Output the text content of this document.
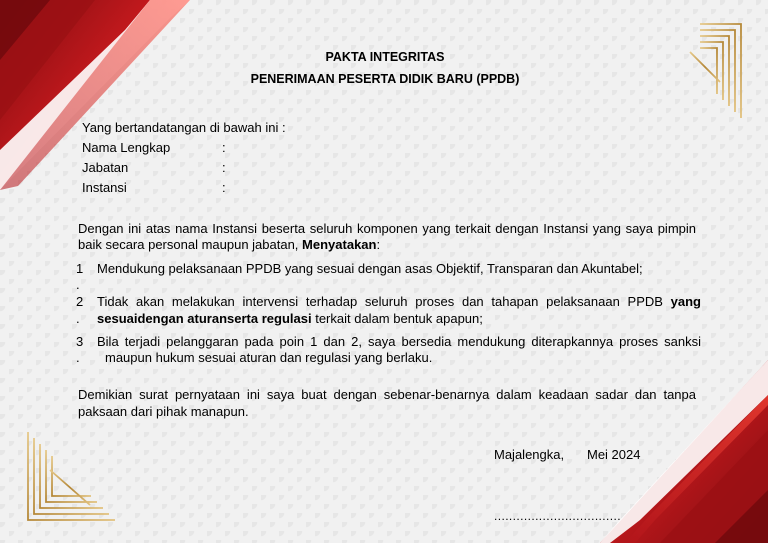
PAKTA INTEGRITAS
PENERIMAAN PESERTA DIDIK BARU (PPDB)
Yang bertandatangan di bawah ini :
Nama Lengkap	:
Jabatan	:
Instansi	:
Dengan ini atas nama Instansi beserta seluruh komponen yang terkait dengan Instansi yang saya pimpin
baik secara personal maupun jabatan, Menyatakan:
1
.
Mendukung pelaksanaan PPDB yang sesuai dengan asas Objektif, Transparan dan Akuntabel;
2
.
Tidak akan melakukan intervensi terhadap seluruh proses dan tahapan pelaksanaan PPDB yang
sesuaidengan aturanserta regulasi terkait dalam bentuk apapun;
3
.
Bila terjadi pelanggaran pada poin 1 dan 2, saya bersedia mendukung diterapkannya proses sanksi
maupun hukum sesuai aturan dan regulasi yang berlaku.
Demikian surat pernyataan ini saya buat dengan sebenar-benarnya dalam keadaan sadar dan tanpa
paksaan dari pihak manapun.
Majalengka, Mei 2024
..................................
